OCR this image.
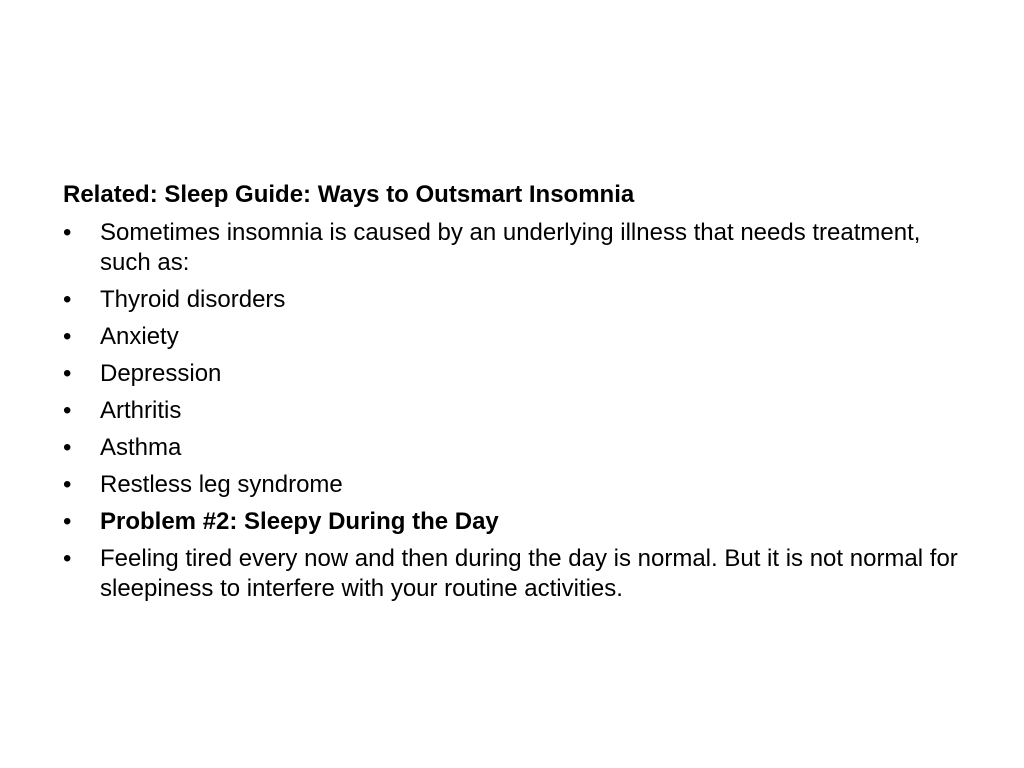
Related: Sleep Guide: Ways to Outsmart Insomnia
•	Sometimes insomnia is caused by an underlying illness that needs treatment, such as:
•	Thyroid disorders
•	Anxiety
•	Depression
•	Arthritis
•	Asthma
•	Restless leg syndrome
•	Problem #2: Sleepy During the Day
•	Feeling tired every now and then during the day is normal. But it is not normal for sleepiness to interfere with your routine activities.
